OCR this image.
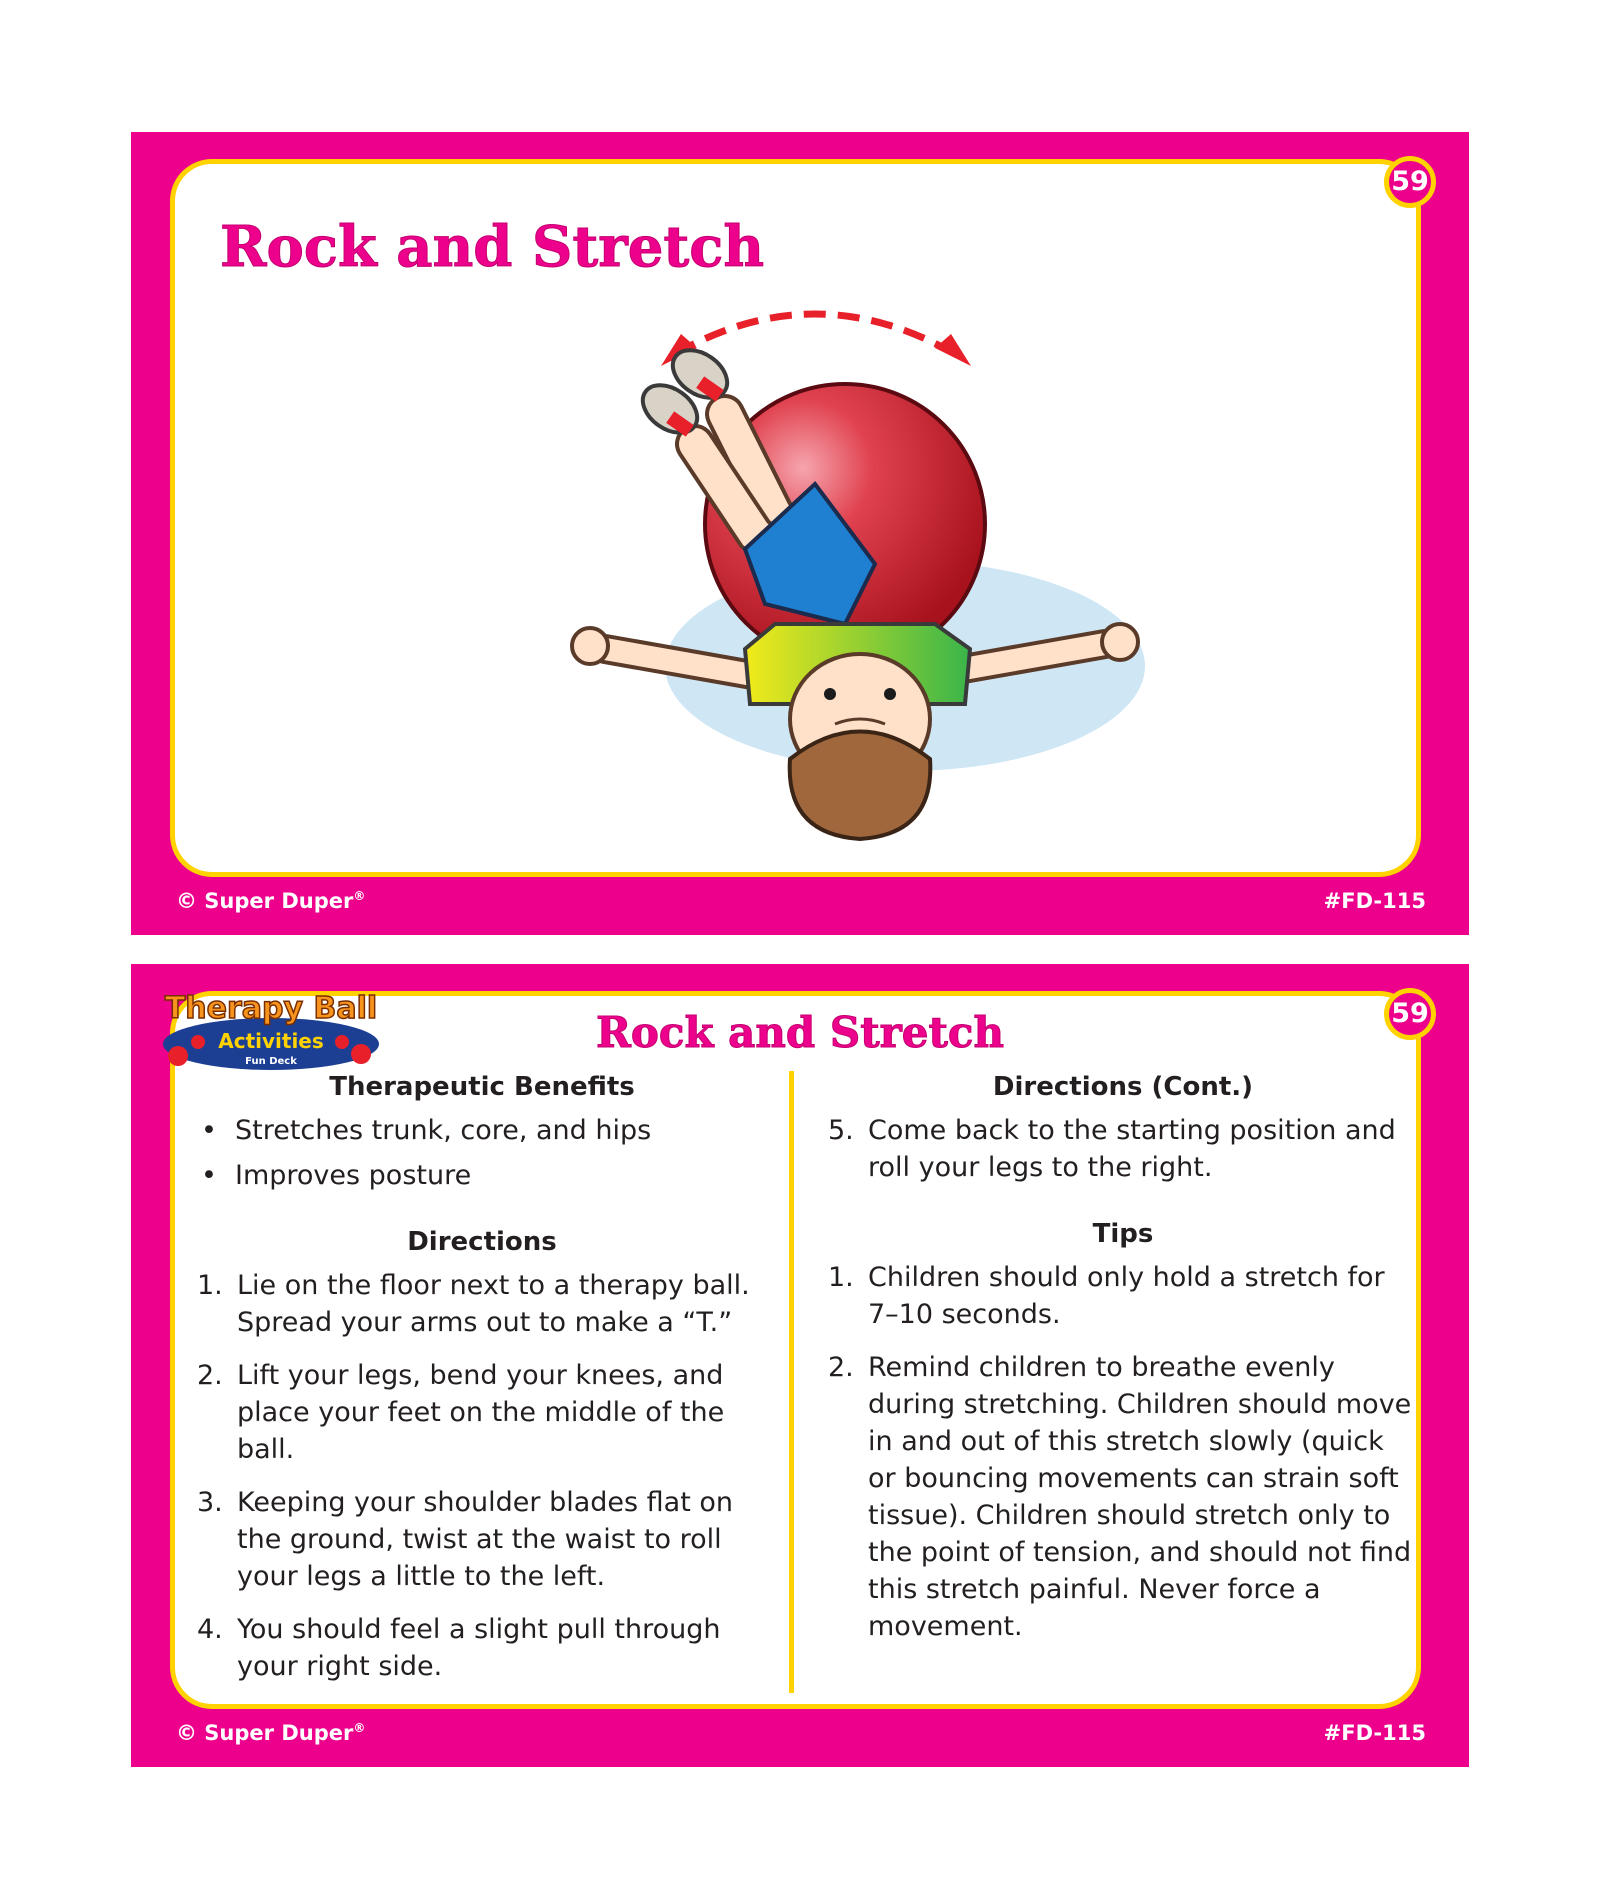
Rock and Stretch
59
© Super Duper®	#FD-115
Therapy Ball
Activities
Fun Deck
Rock and Stretch	59
Therapeutic Benefits
• Stretches trunk, core, and hips
• Improves posture
Directions
1. Lie on the floor next to a therapy ball. Spread your arms out to make a “T.”
2. Lift your legs, bend your knees, and place your feet on the middle of the ball.
3. Keeping your shoulder blades flat on the ground, twist at the waist to roll your legs a little to the left.
4. You should feel a slight pull through your right side.
Directions (Cont.)
5. Come back to the starting position and roll your legs to the right.
Tips
1. Children should only hold a stretch for 7–10 seconds.
2. Remind children to breathe evenly during stretching. Children should move in and out of this stretch slowly (quick or bouncing movements can strain soft tissue). Children should stretch only to the point of tension, and should not find this stretch painful. Never force a movement.
© Super Duper®	#FD-115
